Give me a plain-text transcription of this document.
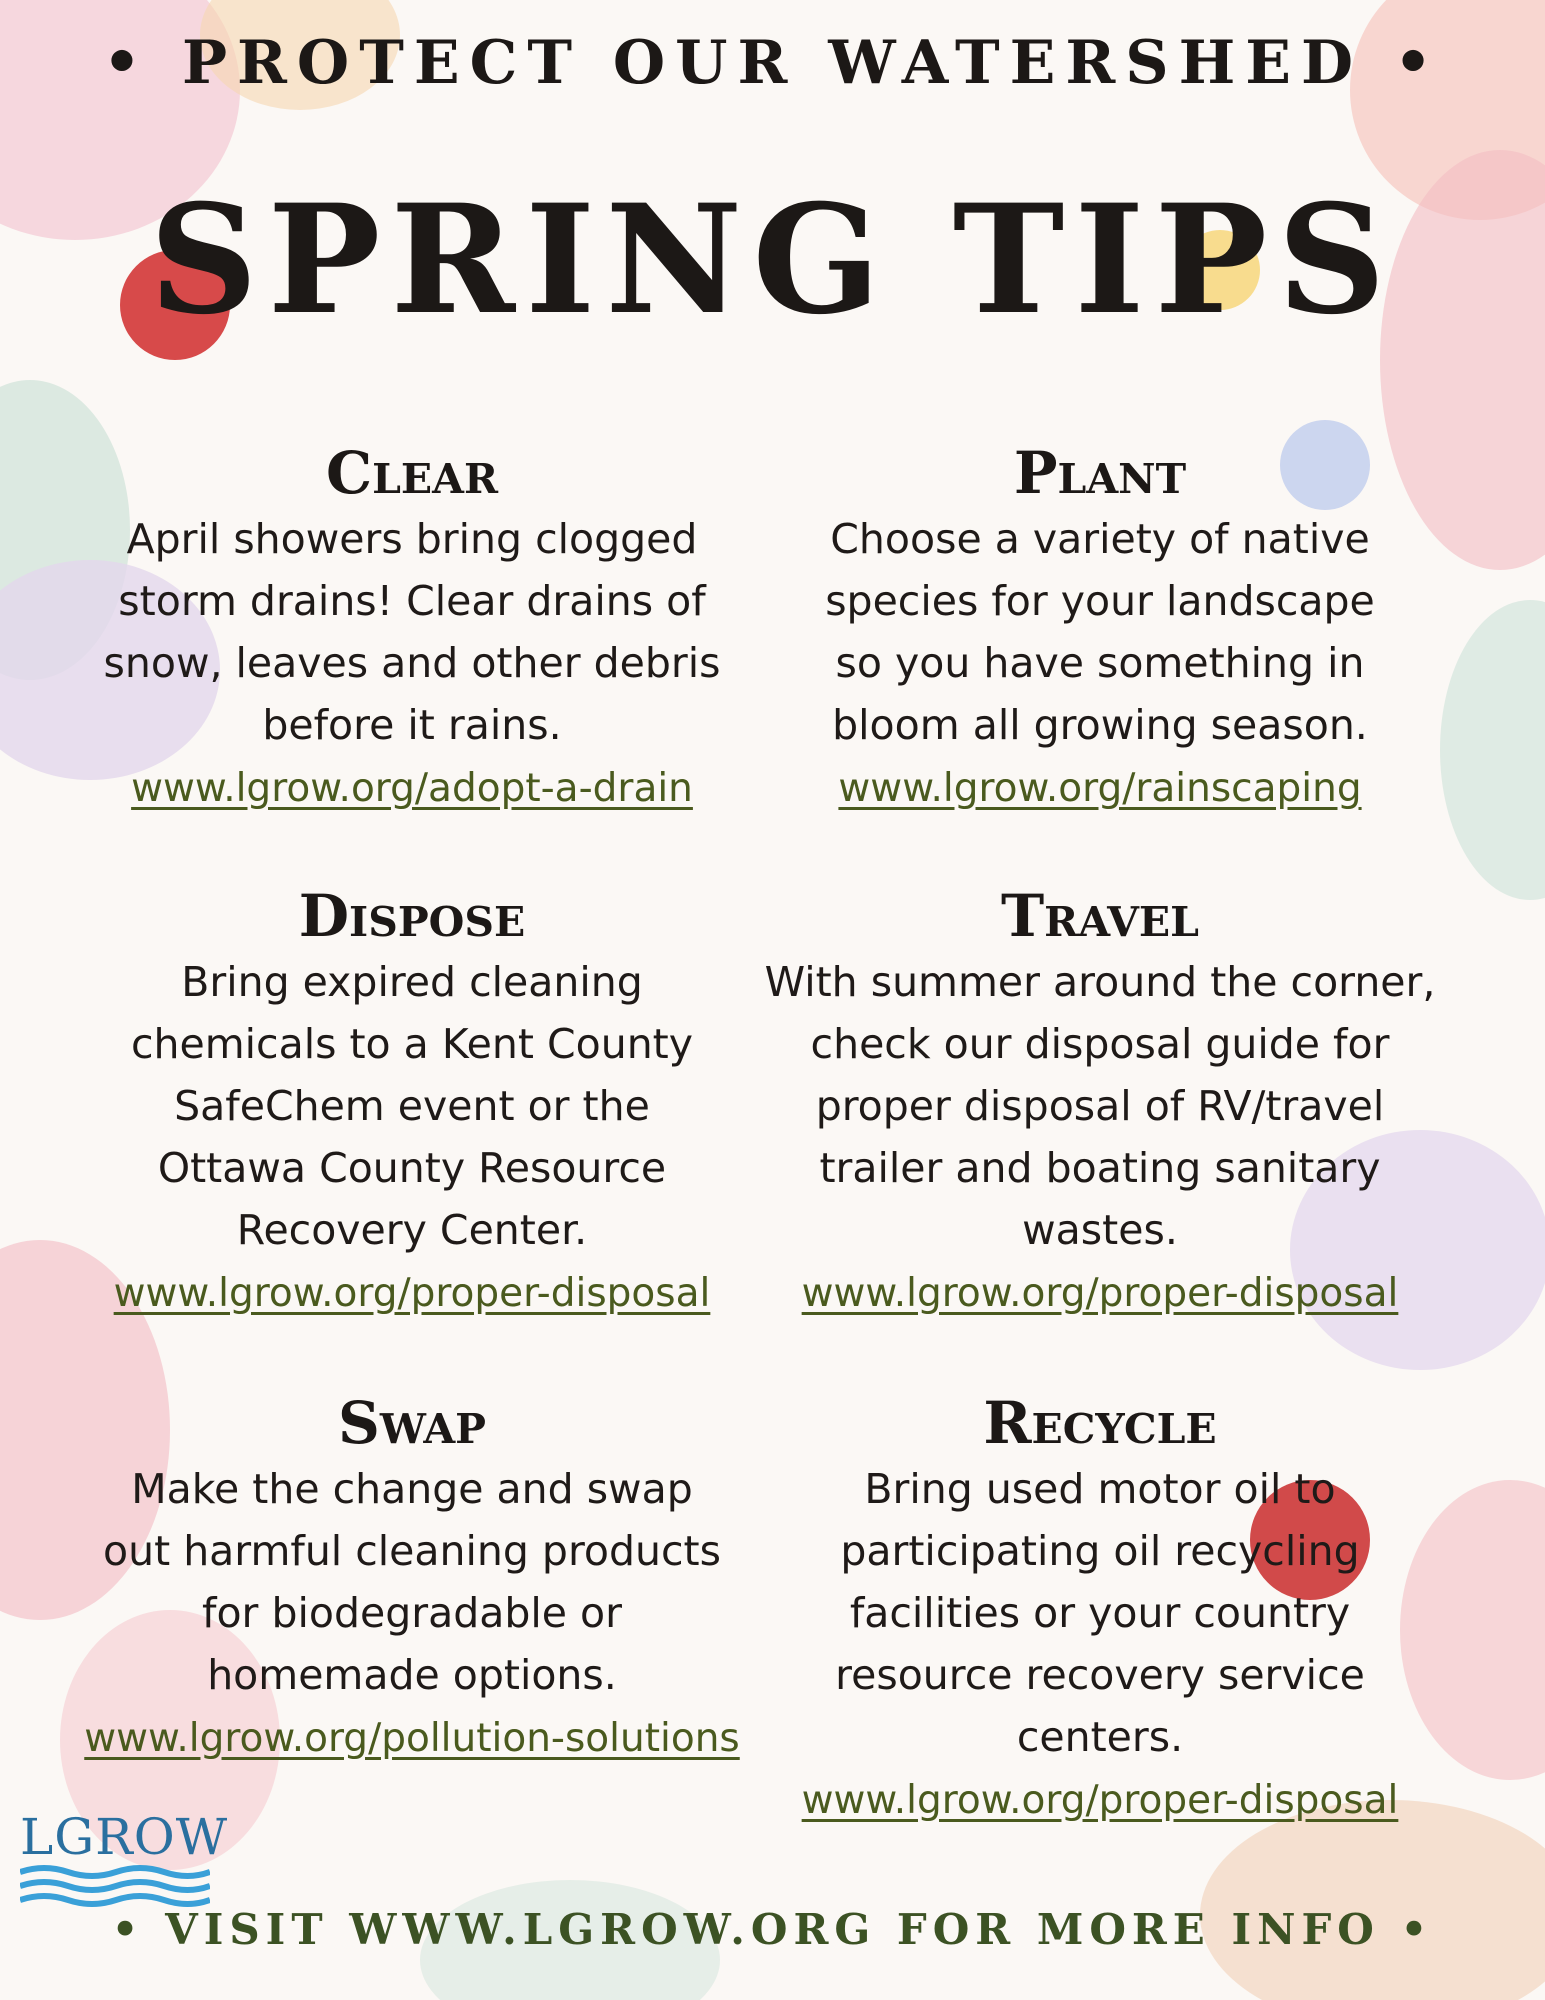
• PROTECT OUR WATERSHED •
SPRING TIPS
Clear

April showers bring clogged storm drains! Clear drains of snow, leaves and other debris before it rains.

www.lgrow.org/adopt-a-drain
Plant

Choose a variety of native species for your landscape so you have something in bloom all growing season.

www.lgrow.org/rainscaping
Dispose

Bring expired cleaning chemicals to a Kent County SafeChem event or the Ottawa County Resource Recovery Center.

www.lgrow.org/proper-disposal
Travel

With summer around the corner, check our disposal guide for proper disposal of RV/travel trailer and boating sanitary wastes.

www.lgrow.org/proper-disposal
Swap

Make the change and swap out harmful cleaning products for biodegradable or homemade options.

www.lgrow.org/pollution-solutions
Recycle

Bring used motor oil to participating oil recycling facilities or your country resource recovery service centers.

www.lgrow.org/proper-disposal
LGROW
• VISIT WWW.LGROW.ORG FOR MORE INFO •
